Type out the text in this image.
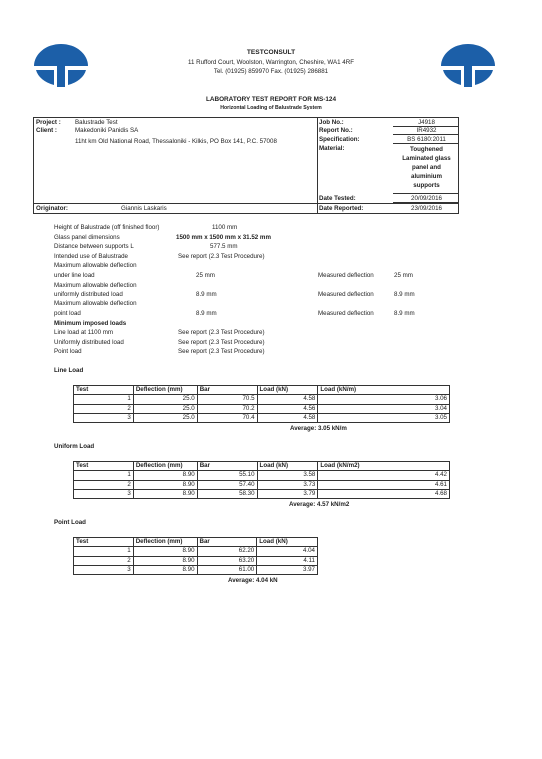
TESTCONSULT
11 Rufford Court, Woolston, Warrington, Cheshire, WA1 4RF
Tel. (01925) 859970 Fax. (01925) 286881
LABORATORY TEST REPORT FOR MS-124
Horizontal Loading of Balustrade System
Project : Balustrade Test
Client :	Makedoniki Panidis SA
11ht km Old National Road, Thessaloniki - Kilkis, PO Box 141, P.C. 57008
Originator:	Giannis Laskaris
Job No.:	J4918
Report No.:	IR4932
Specification:	BS 6180:2011
Material:	Toughened
Laminated glass
panel and
aluminium
supports
Date Tested:	20/09/2016
Date Reported:	23/09/2016
Height of Balustrade (off finished floor)	1100 mm
Glass panel dimensions	1500 mm x 1500 mm x 31.52 mm
Distance between supports L	577.5 mm
Intended use of Balustrade	See report (2.3 Test Procedure)
Maximum allowable deflection
under line load	25 mm	Measured deflection	25 mm
Maximum allowable deflection
uniformly distributed load	8.9 mm	Measured deflection	8.9 mm
Maximum allowable deflection
point load	8.9 mm	Measured deflection	8.9 mm
Minimum imposed loads
Line load at 1100 mm	See report (2.3 Test Procedure)
Uniformly distributed load	See report (2.3 Test Procedure)
Point load	See report (2.3 Test Procedure)
Line Load
Test	Deflection (mm)	Bar	Load (kN)	Load (kN/m)
1	25.0	70.5	4.58	3.06
2	25.0	70.2	4.56	3.04
3	25.0	70.4	4.58	3.05
Average: 3.05 kN/m
Uniform Load
Test	Deflection (mm)	Bar	Load (kN)	Load (kN/m2)
1	8.90	55.10	3.58	4.42
2	8.90	57.40	3.73	4.61
3	8.90	58.30	3.79	4.68
Average: 4.57 kN/m2
Point Load
Test	Deflection (mm)	Bar	Load (kN)
1	8.90	62.20	4.04
2	8.90	63.20	4.11
3	8.90	61.00	3.97
Average: 4.04 kN
